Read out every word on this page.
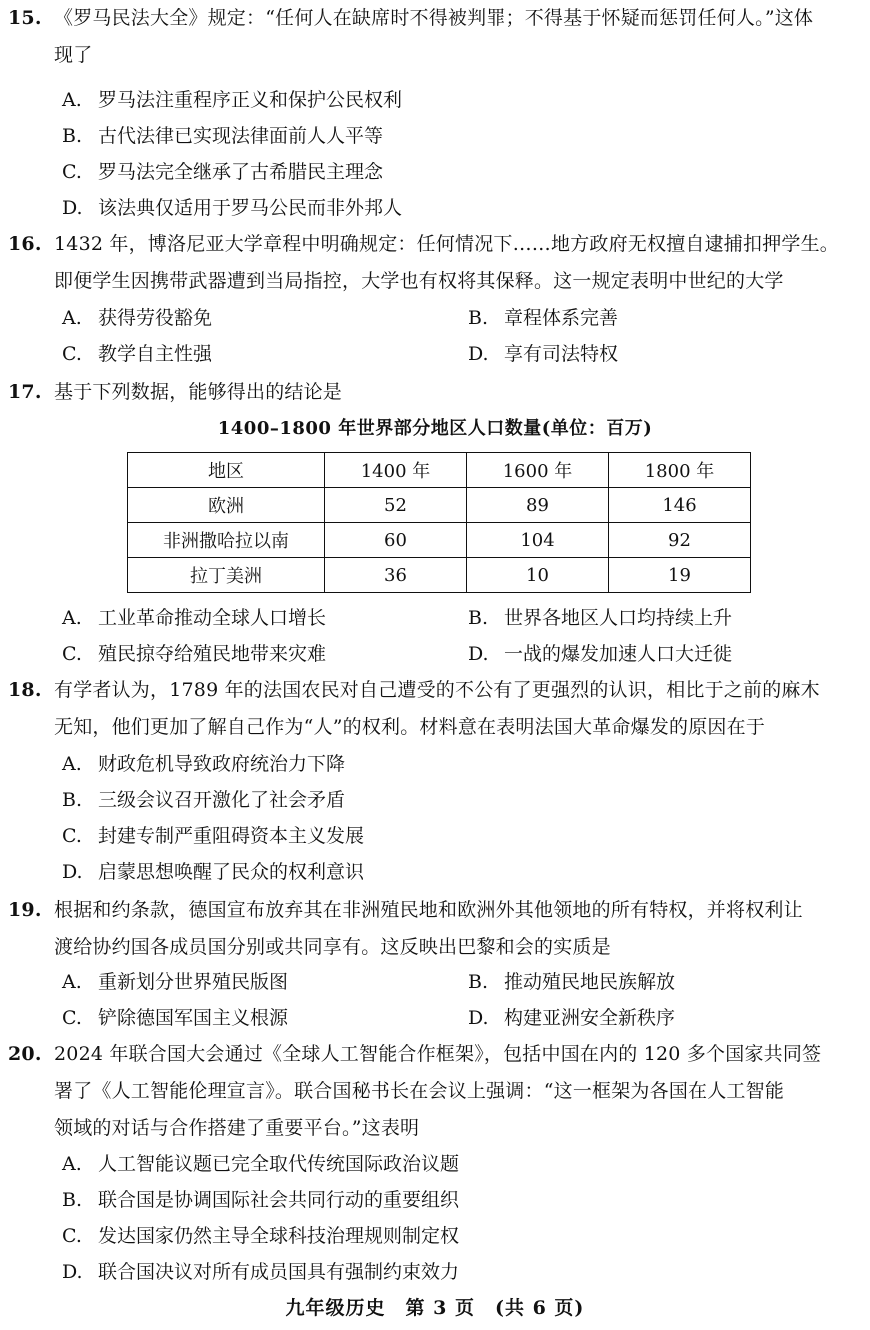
15. 《罗马民法大全》规定：“任何人在缺席时不得被判罪；不得基于怀疑而惩罚任何人。”这体
现了
A. 罗马法注重程序正义和保护公民权利
B. 古代法律已实现法律面前人人平等
C. 罗马法完全继承了古希腊民主理念
D. 该法典仅适用于罗马公民而非外邦人
16. 1432 年，博洛尼亚大学章程中明确规定：任何情况下……地方政府无权擅自逮捕扣押学生。
即便学生因携带武器遭到当局指控，大学也有权将其保释。这一规定表明中世纪的大学
A. 获得劳役豁免	B. 章程体系完善
C. 教学自主性强	D. 享有司法特权
17. 基于下列数据，能够得出的结论是
1400–1800 年世界部分地区人口数量(单位：百万)
地区	1400 年	1600 年	1800 年
欧洲	52	89	146
非洲撒哈拉以南	60	104	92
拉丁美洲	36	10	19
A. 工业革命推动全球人口增长	B. 世界各地区人口均持续上升
C. 殖民掠夺给殖民地带来灾难	D. 一战的爆发加速人口大迁徙
18. 有学者认为，1789 年的法国农民对自己遭受的不公有了更强烈的认识，相比于之前的麻木
无知，他们更加了解自己作为“人”的权利。材料意在表明法国大革命爆发的原因在于
A. 财政危机导致政府统治力下降
B. 三级会议召开激化了社会矛盾
C. 封建专制严重阻碍资本主义发展
D. 启蒙思想唤醒了民众的权利意识
19. 根据和约条款，德国宣布放弃其在非洲殖民地和欧洲外其他领地的所有特权，并将权利让
渡给协约国各成员国分别或共同享有。这反映出巴黎和会的实质是
A. 重新划分世界殖民版图	B. 推动殖民地民族解放
C. 铲除德国军国主义根源	D. 构建亚洲安全新秩序
20. 2024 年联合国大会通过《全球人工智能合作框架》，包括中国在内的 120 多个国家共同签
署了《人工智能伦理宣言》。联合国秘书长在会议上强调：“这一框架为各国在人工智能
领域的对话与合作搭建了重要平台。”这表明
A. 人工智能议题已完全取代传统国际政治议题
B. 联合国是协调国际社会共同行动的重要组织
C. 发达国家仍然主导全球科技治理规则制定权
D. 联合国决议对所有成员国具有强制约束效力
九年级历史　第 3 页　(共 6 页)
